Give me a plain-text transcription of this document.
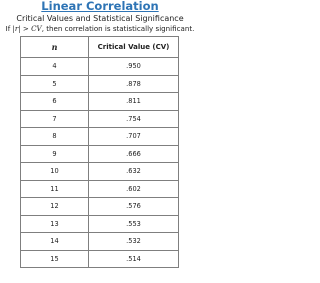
Linear Correlation
Critical Values and Statistical Significance
If |r| > CV, then correlation is statistically significant.
n	Critical Value (CV)
4	.950
5	.878
6	.811
7	.754
8	.707
9	.666
10	.632
11	.602
12	.576
13	.553
14	.532
15	.514
